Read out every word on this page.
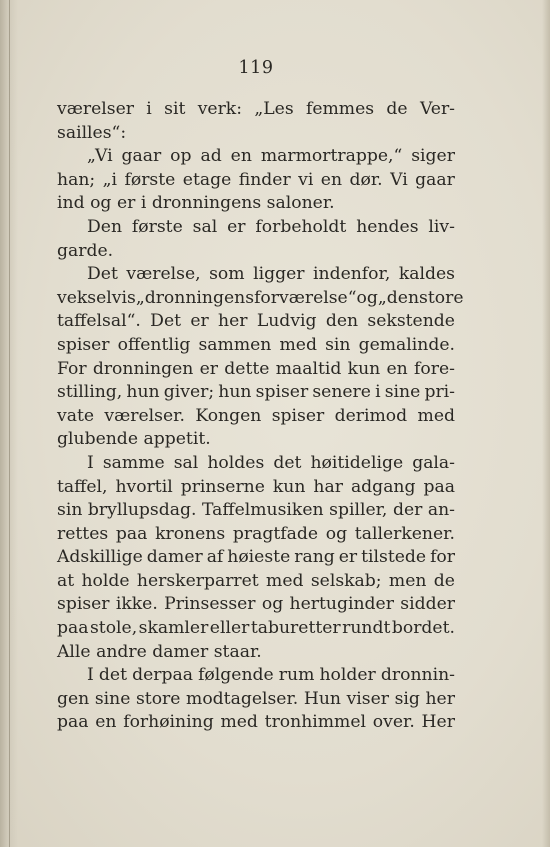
119
værelser i sit verk: „Les femmes de Ver-
sailles“:
„Vi gaar op ad en marmortrappe,“ siger
han; „i første etage finder vi en dør. Vi gaar
ind og er i dronningens saloner.
Den første sal er forbeholdt hendes liv-
garde.
Det værelse, som ligger indenfor, kaldes
vekselvis „dronningens forværelse“ og „den store
taffelsal“. Det er her Ludvig den sekstende
spiser offentlig sammen med sin gemalinde.
For dronningen er dette maaltid kun en fore-
stilling, hun giver; hun spiser senere i sine pri-
vate værelser. Kongen spiser derimod med
glubende appetit.
I samme sal holdes det høitidelige gala-
taffel, hvortil prinserne kun har adgang paa
sin bryllupsdag. Taffelmusiken spiller, der an-
rettes paa kronens pragtfade og tallerkener.
Adskillige damer af høieste rang er tilstede for
at holde herskerparret med selskab; men de
spiser ikke. Prinsesser og hertuginder sidder
paa stole, skamler eller taburetter rundt bordet.
Alle andre damer staar.
I det derpaa følgende rum holder dronnin-
gen sine store modtagelser. Hun viser sig her
paa en forhøining med tronhimmel over. Her
